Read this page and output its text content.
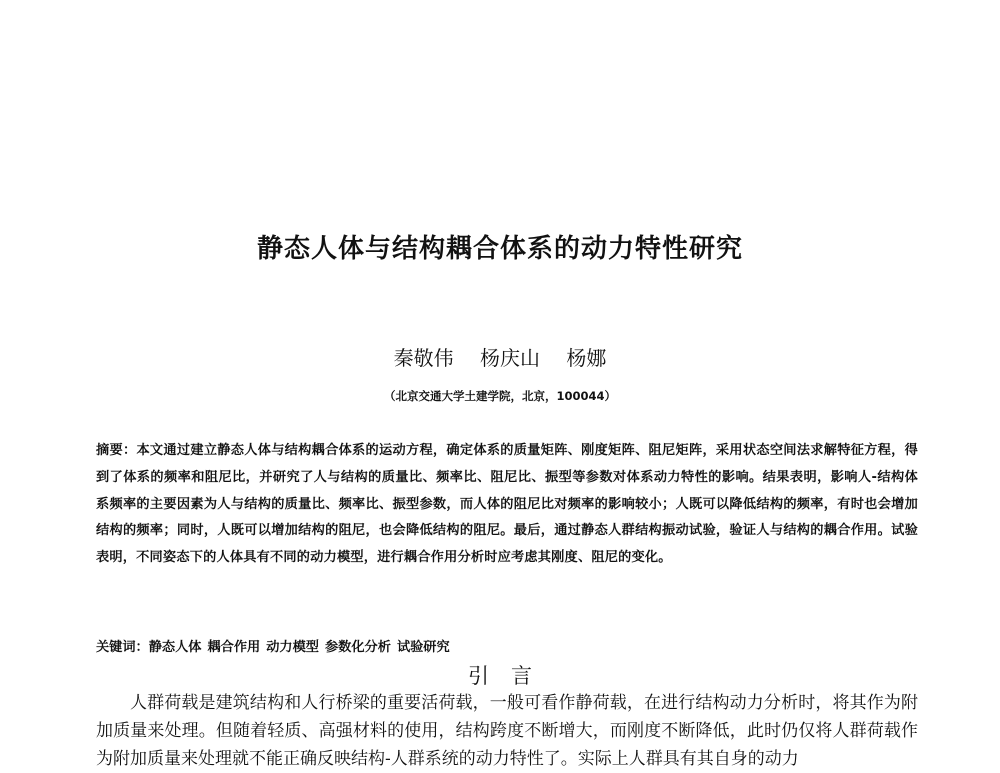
静态人体与结构耦合体系的动力特性研究
秦敬伟 杨庆山 杨娜
（北京交通大学土建学院，北京，100044）
摘要：本文通过建立静态人体与结构耦合体系的运动方程，确定体系的质量矩阵、刚度矩阵、阻尼矩阵，采用状态空间法求解特征方程，得到了体系的频率和阻尼比，并研究了人与结构的质量比、频率比、阻尼比、振型等参数对体系动力特性的影响。结果表明，影响人-结构体系频率的主要因素为人与结构的质量比、频率比、振型参数，而人体的阻尼比对频率的影响较小；人既可以降低结构的频率，有时也会增加结构的频率；同时，人既可以增加结构的阻尼，也会降低结构的阻尼。最后，通过静态人群结构振动试验，验证人与结构的耦合作用。试验表明，不同姿态下的人体具有不同的动力模型，进行耦合作用分析时应考虑其刚度、阻尼的变化。
关键词：静态人体 耦合作用 动力模型 参数化分析 试验研究
引言
人群荷载是建筑结构和人行桥梁的重要活荷载，一般可看作静荷载，在进行结构动力分析时，将其作为附加质量来处理。但随着轻质、高强材料的使用，结构跨度不断增大，而刚度不断降低，此时仍仅将人群荷载作为附加质量来处理就不能正确反映结构-人群系统的动力特性了。实际上人群具有其自身的动力
